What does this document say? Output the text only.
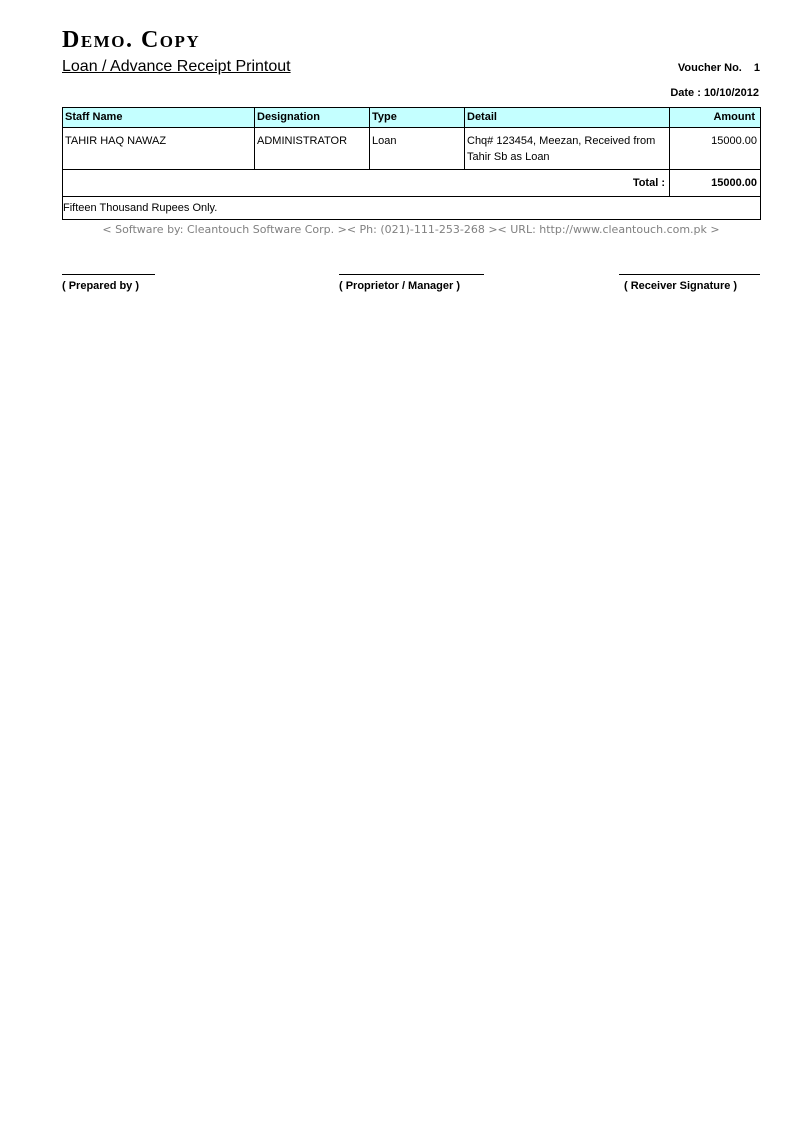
Demo. Copy
Loan / Advance Receipt Printout	Voucher No. 1
Date : 10/10/2012
Staff Name	Designation	Type	Detail	Amount
TAHIR HAQ NAWAZ	ADMINISTRATOR	Loan	Chq# 123454, Meezan, Received from Tahir Sb as Loan	15000.00
Total :				15000.00
Fifteen Thousand Rupees Only.				
< Software by: Cleantouch Software Corp. >< Ph: (021)-111-253-268 >< URL: http://www.cleantouch.com.pk >
( Prepared by )	( Proprietor / Manager )	( Receiver Signature )
